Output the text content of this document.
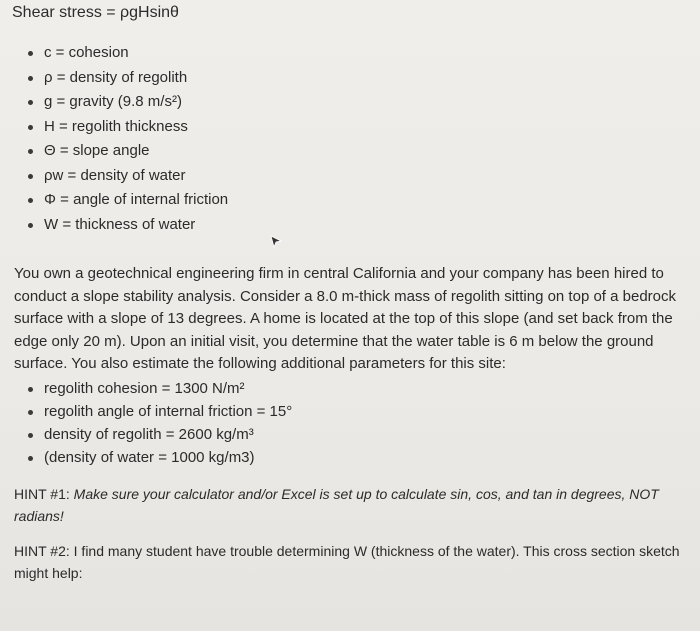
Shear stress = ρgHsinθ
c = cohesion
ρ = density of regolith
g = gravity (9.8 m/s²)
H = regolith thickness
Θ = slope angle
ρw = density of water
Φ = angle of internal friction
W = thickness of water

You own a geotechnical engineering firm in central California and your company has been hired to conduct a slope stability analysis. Consider a 8.0 m-thick mass of regolith sitting on top of a bedrock surface with a slope of 13 degrees. A home is located at the top of this slope (and set back from the edge only 20 m). Upon an initial visit, you determine that the water table is 6 m below the ground surface. You also estimate the following additional parameters for this site:

regolith cohesion = 1300 N/m²
regolith angle of internal friction = 15°
density of regolith = 2600 kg/m³
(density of water = 1000 kg/m3)
HINT #1: Make sure your calculator and/or Excel is set up to calculate sin, cos, and tan in degrees, NOT radians!
HINT #2: I find many student have trouble determining W (thickness of the water). This cross section sketch might help:
